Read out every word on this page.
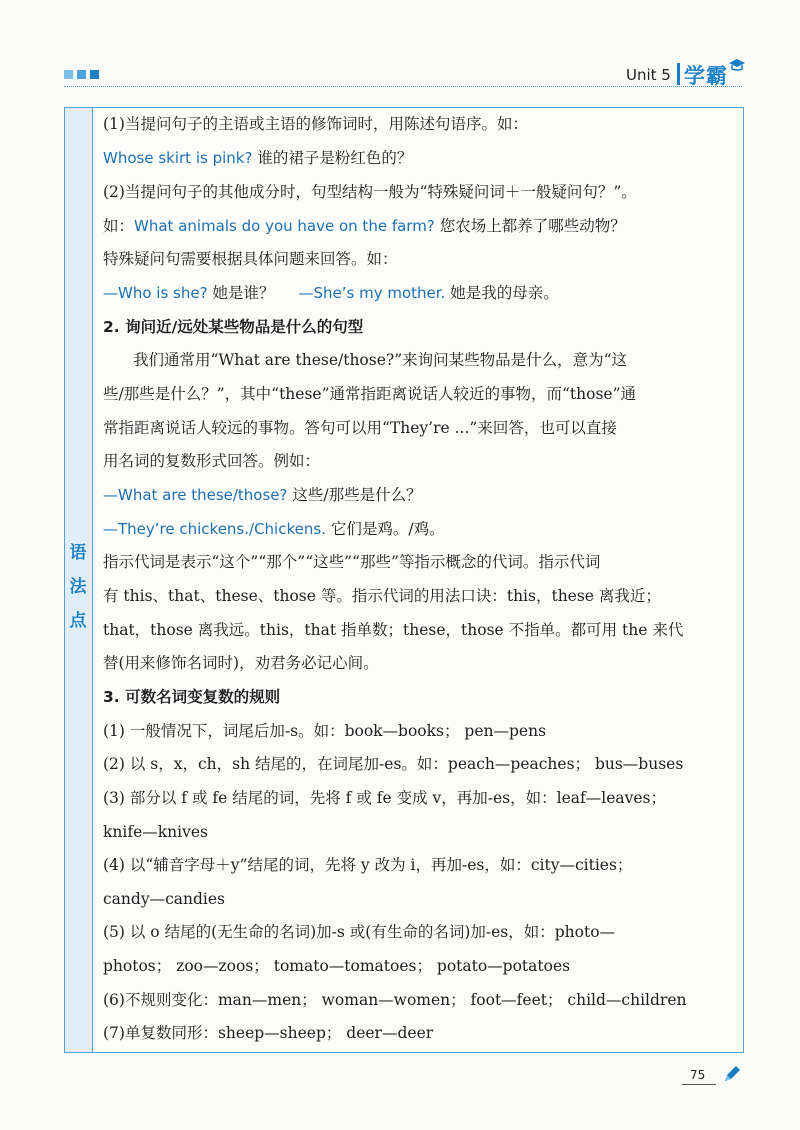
Unit 5 学霸
语
法
点
(1)当提问句子的主语或主语的修饰词时，用陈述句语序。如：
Whose skirt is pink? 谁的裙子是粉红色的？
(2)当提问句子的其他成分时，句型结构一般为“特殊疑问词＋一般疑问句？”。
如：What animals do you have on the farm? 您农场上都养了哪些动物？
特殊疑问句需要根据具体问题来回答。如：
—Who is she? 她是谁？ —She’s my mother. 她是我的母亲。
2. 询问近/远处某些物品是什么的句型
我们通常用“What are these/those?”来询问某些物品是什么，意为“这
些/那些是什么？”，其中“these”通常指距离说话人较近的事物，而“those”通
常指距离说话人较远的事物。答句可以用“They’re ...”来回答，也可以直接
用名词的复数形式回答。例如：
—What are these/those? 这些/那些是什么？
—They’re chickens./Chickens. 它们是鸡。/鸡。
指示代词是表示“这个”“那个”“这些”“那些”等指示概念的代词。指示代词
有 this、that、these、those 等。指示代词的用法口诀：this，these 离我近；
that，those 离我远。this，that 指单数；these，those 不指单。都可用 the 来代
替(用来修饰名词时)，劝君务必记心间。
3. 可数名词变复数的规则
(1) 一般情况下，词尾后加-s。如：book—books； pen—pens
(2) 以 s，x，ch，sh 结尾的，在词尾加-es。如：peach—peaches； bus—buses
(3) 部分以 f 或 fe 结尾的词，先将 f 或 fe 变成 v，再加-es，如：leaf—leaves；
knife—knives
(4) 以“辅音字母＋y”结尾的词，先将 y 改为 i，再加-es，如：city—cities；
candy—candies
(5) 以 o 结尾的(无生命的名词)加-s 或(有生命的名词)加-es，如：photo—
photos； zoo—zoos； tomato—tomatoes； potato—potatoes
(6)不规则变化：man—men； woman—women； foot—feet； child—children
(7)单复数同形：sheep—sheep； deer—deer
75
